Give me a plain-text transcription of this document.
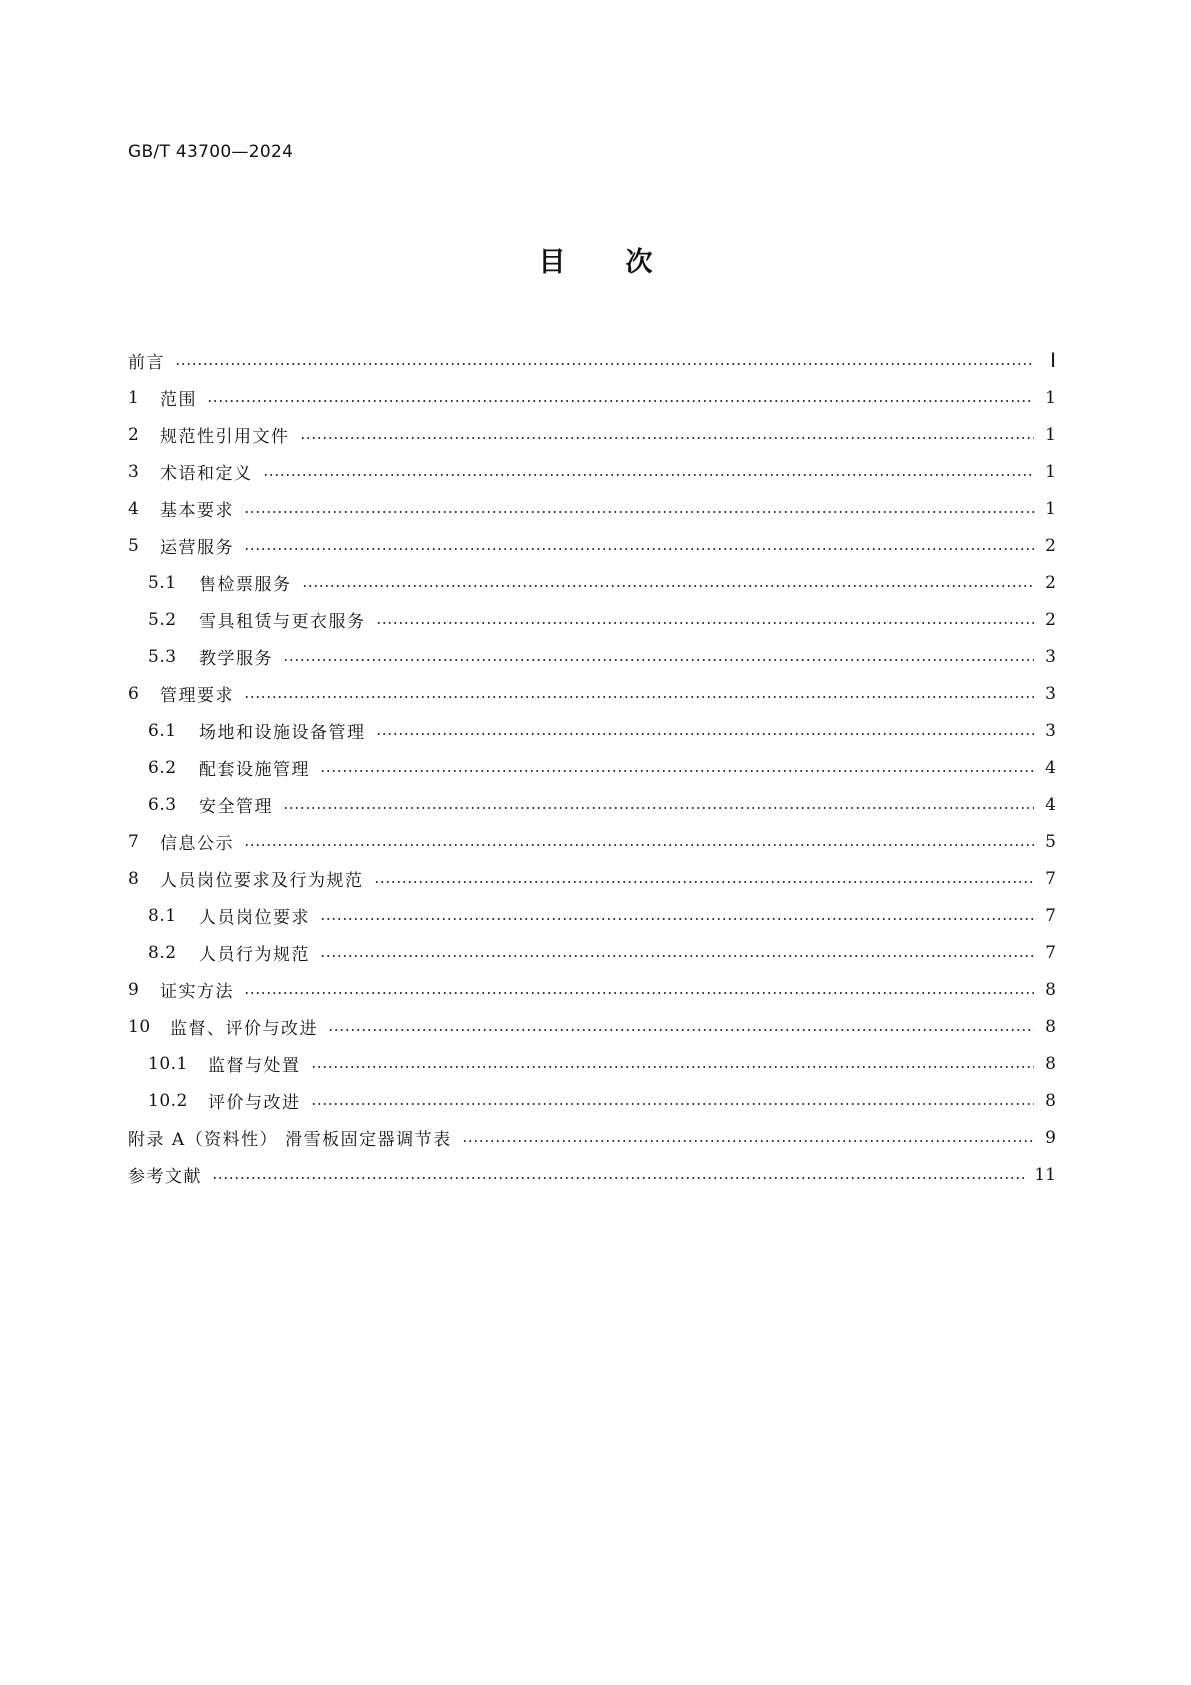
GB/T 43700—2024
目 次
前言	Ⅰ
1	范围	1
2	规范性引用文件	1
3	术语和定义	1
4	基本要求	1
5	运营服务	2
5.1	售检票服务	2
5.2	雪具租赁与更衣服务	2
5.3	教学服务	3
6	管理要求	3
6.1	场地和设施设备管理	3
6.2	配套设施管理	4
6.3	安全管理	4
7	信息公示	5
8	人员岗位要求及行为规范	7
8.1	人员岗位要求	7
8.2	人员行为规范	7
9	证实方法	8
10	监督、评价与改进	8
10.1	监督与处置	8
10.2	评价与改进	8
附录 A（资料性） 滑雪板固定器调节表	9
参考文献	11
